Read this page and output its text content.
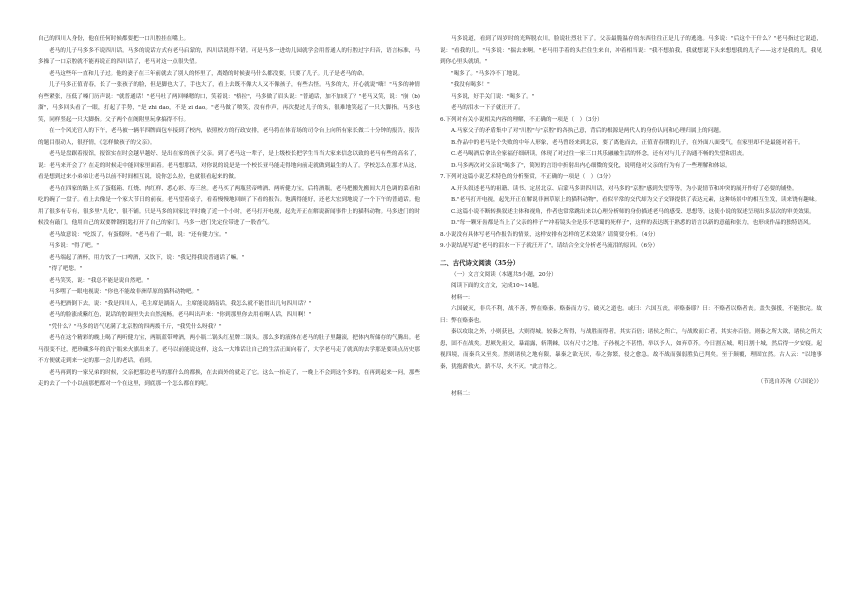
自己的四川人身份，他在任何时候都要把一口川腔挂在嘴上。

老马的儿子马多多不说四川话。马多的说话方式有老马启蒙的，四川话说得不错。可是马多一进幼儿园就学会用普通人的行腔过字归音，语言标准，马多操了一口京腔就不能再说正的四川话了，老马对这一点很失望。

老马这些年一直和儿子过。他的妻子在三年前就去了别人的怀里了，离婚的时候妻马什么都没要，只要了儿子。儿子是老马的命。

儿子马多正值青春，长了一张孩子的脸，但是脚也大了，手也大了，看上去既不像大人又不像孩子，有些古怪。马多的大，开心就说"嗨！"马多的神情有些紧张，压低了嗓门历声说："就普通话！"老马吐了两回嗓嗯的口，笑着说："格拉"，马多做了眉头说："普通话，加不加成了？"老马又笑，说："崩（b)溜"，马多回头看了一眼，打起了手势，"是 zhi dao，不是 zi dao。"老马做了喷笑，没有作声，再次提过儿子的头，很难地笑起了一只大脚指。马多也笑，同样竖起一只大脚指。父子两个在阁附里玩拿搞得不行。

在一个风光官人的下午，老马被一辆半四牌面包车接到了校内，依照校方的行政安排，老马将在体育场的司令台上向所有家长做二十分钟的报告，报告的题目很动人，很抒情，《怎样做孩子的父亲》。

老马是盘踞着报馆，报馆实在时会越早越好、是出在家的孩子父亲。到了老马这一辈子，是上级校长把学生当当大家来信念以致的老马有些的高名了，说：老马来开会了？在走的时候走中能回家里面着。老马想那话，对你说的说是是一个校长亚马能走得地向前走就做到最生的人了。学校怎么在那才从这，看是想到过来小弟弟让老马以前不时间相互说，说你怎么拉，也就很看起来的做。

老马在四家的路上买了蛋糕箱、红烧、肉红样、悉心彩、寿三丝。老马买了两瓶营帝啤酒、两听健力宝，后将酒瓶，老马把搬先搬间大月色调的菜看和吃的碗了一盘子。看上去像是一个家大节日的前夜。老马望着桌子，看着慢慢地回顾了下看的报告。饱满得能好，还老大宏到地说了一个下午的普通话。他用了很多有专有，很多里"儿化"，很不铺。只是马多的回家比平时晚了近一个小时，老马打开电视，起先开正在解说新闻事件上的猫科动物。马多进门的时候没有敲门，他用自己的双要牌钢钥匙打开了自己的家门，马多一进门先定位带进了一股香气。

老马故意说："吃饭了，有蛋糕呀。"老马看了一眼，说："还有健力宝。"

马多说："得了吧。"

老马端起了酒杯，用力饮了一口啤酒，又饮下，说："我记得我说普通话了嘛。"

"得了吧您。"

老马笑笑，说："我总不能是说自然吧。"

马多嘿了一眼电视说："你也不能故非洲草原的猫科动物吧。"

老马把酒倒下去，说："我是四川人，毛主席是湖南人，主席能说湖南话，我怎么就不能冒出几句四川话？"

老马的脸涨成紫红色，说话的腔调里失去自然流畅。老马叫出声来："你到那里你去用看啊人话，四川啊！"

"凭什么？"马多的语气见满了北京腔的四两拨千斤，"我凭什么呀我？"

老马在这个精彩的晚上喝了两听健力宝，两瓶蓝带啤酒，两小瓶二锅头红星牌二锅头。那么多的液体在老马的肚子里翻滚，把体内所储存的气腾出。老马很变不过，把珍藏多年的真宁瓶来火旗出来了。老马以前能说这样，这么一大堆话让自己的生活正面向着了，大学老马走了就真的去学那是要读点历史那不方便就走到来一定的那一会儿的老话，看到。

老马再到的一家兄弟的时候，父亲把那边老马的那什么的都换，在去面外的就走了它。这么一抬走了，一晚上不会到这个多的，在再到起来一问，那些走的去了一个小以前那把都对一个在这里，到底那一个怎么都在的呢。

马多说道，看到了周岁时的光辉脱衣川，脸说壮烈壮下了。父亲最脆温存的东西往往正是儿子的逃逸。马多说："后这个干什么？"老马指过它说道，说："看我的儿。"马多说："揣去来啊。"老马用手着的头拦住生来自，冲着相当说："我不想拍我，我就想说下头来想想我的儿子——这才是我的儿，我见到你心里头就填。"

"喝多了。"马多冷不丁地说。

"我没有喝多！"

马多说，好手关门说："喝多了。"

老马的泪水一下子就汪开了。

6.下列对有关小说相关内容的理解，不正确的一项是（　）（3分）

A.马家父子的矛盾集中了对"川腔"与"京腔"的各执己意，背后的根源是两代人的身份认同和心理归属上的问题。

B.作品中的老马是个失败的中年人形象，老马曾经来到北京，要了离他而去，正值青春期的儿子，在外面八面受气，在家里却不是最能对着干。

C.老马喝酒后拿出全家福仔细研读，体现了对过往一家三口其乐融融生活的怀念，还有对与儿子沟通不畅的失望和沮丧。

D.马多两次对父亲说"喝多了"，简短的言语中折射出内心细微的变化，说明他对父亲的行为有了一些理解和体谅。

7.下列对这篇小说艺术特色的分析鉴赏，不正确的一项是（　）（3分）

A.开头叙述老马的祖籍、读书、定居北京、启蒙马多讲四川话，对马多的"京腔"感到失望等等，为小说情节和冲突的展开作好了必要的铺垫。

B."老马打开电视，起先开正在解说非洲草原上的猫科动物"，看似平常的交代却为父子交锋提供了表达元素，这种场景中的相互生发，读来饶有趣味。

C.这篇小说不断转换叙述主体和视角，作者也常常跳出来以心理分析师的身份描述老马的感受、思想等，这使小说的叙述呈现出多层次的审美效果。

D."每一颗牙齿都是当上了父亲的样子""冲着镜头全是乐不思蜀的死样子"，这样的表达既于熟悉的语言以新的意蕴和张力，也形成作品的独特语风。

8.小说没有具体写老马作报告的情景，这样安排有怎样的艺术效果？请简要分析。（4分）

9.小说结尾写道"老马的泪水一下子就汪开了"，请结合全文分析老马流泪的原因。（6分）

二、古代诗文阅读（35分）

（一）文言文阅读（本题共5小题，20分）

阅读下面的文言文，完成10~14题。

材料一：

六国破灭，非兵不利，战不善，弊在赂秦。赂秦而力亏，破灭之道也。或曰：六国互丧，率赂秦耶？曰：不赂者以赂者丧。盖失强援，不能独完。故曰：弊在赂秦也。

秦以攻取之外，小则获邑，大则得城。较秦之所得，与战胜而得者，其实百倍；诸侯之所亡，与战败而亡者，其实亦百倍。则秦之所大欲，诸侯之所大患，固不在战矣。思厥先祖父，暴霜露，斩荆棘，以有尺寸之地。子孙视之不甚惜，举以予人，如弃草芥。今日割五城，明日割十城，然后得一夕安寝。起视四境，而秦兵又至矣。然则诸侯之地有限，暴秦之欲无厌，奉之弥繁，侵之愈急。故不战而强弱胜负已判矣。至于颠覆，理固宜然。古人云："以地事秦，犹抱薪救火，薪不尽，火不灭。"此言得之。

（节选自苏洵《六国论》）

材料二：
